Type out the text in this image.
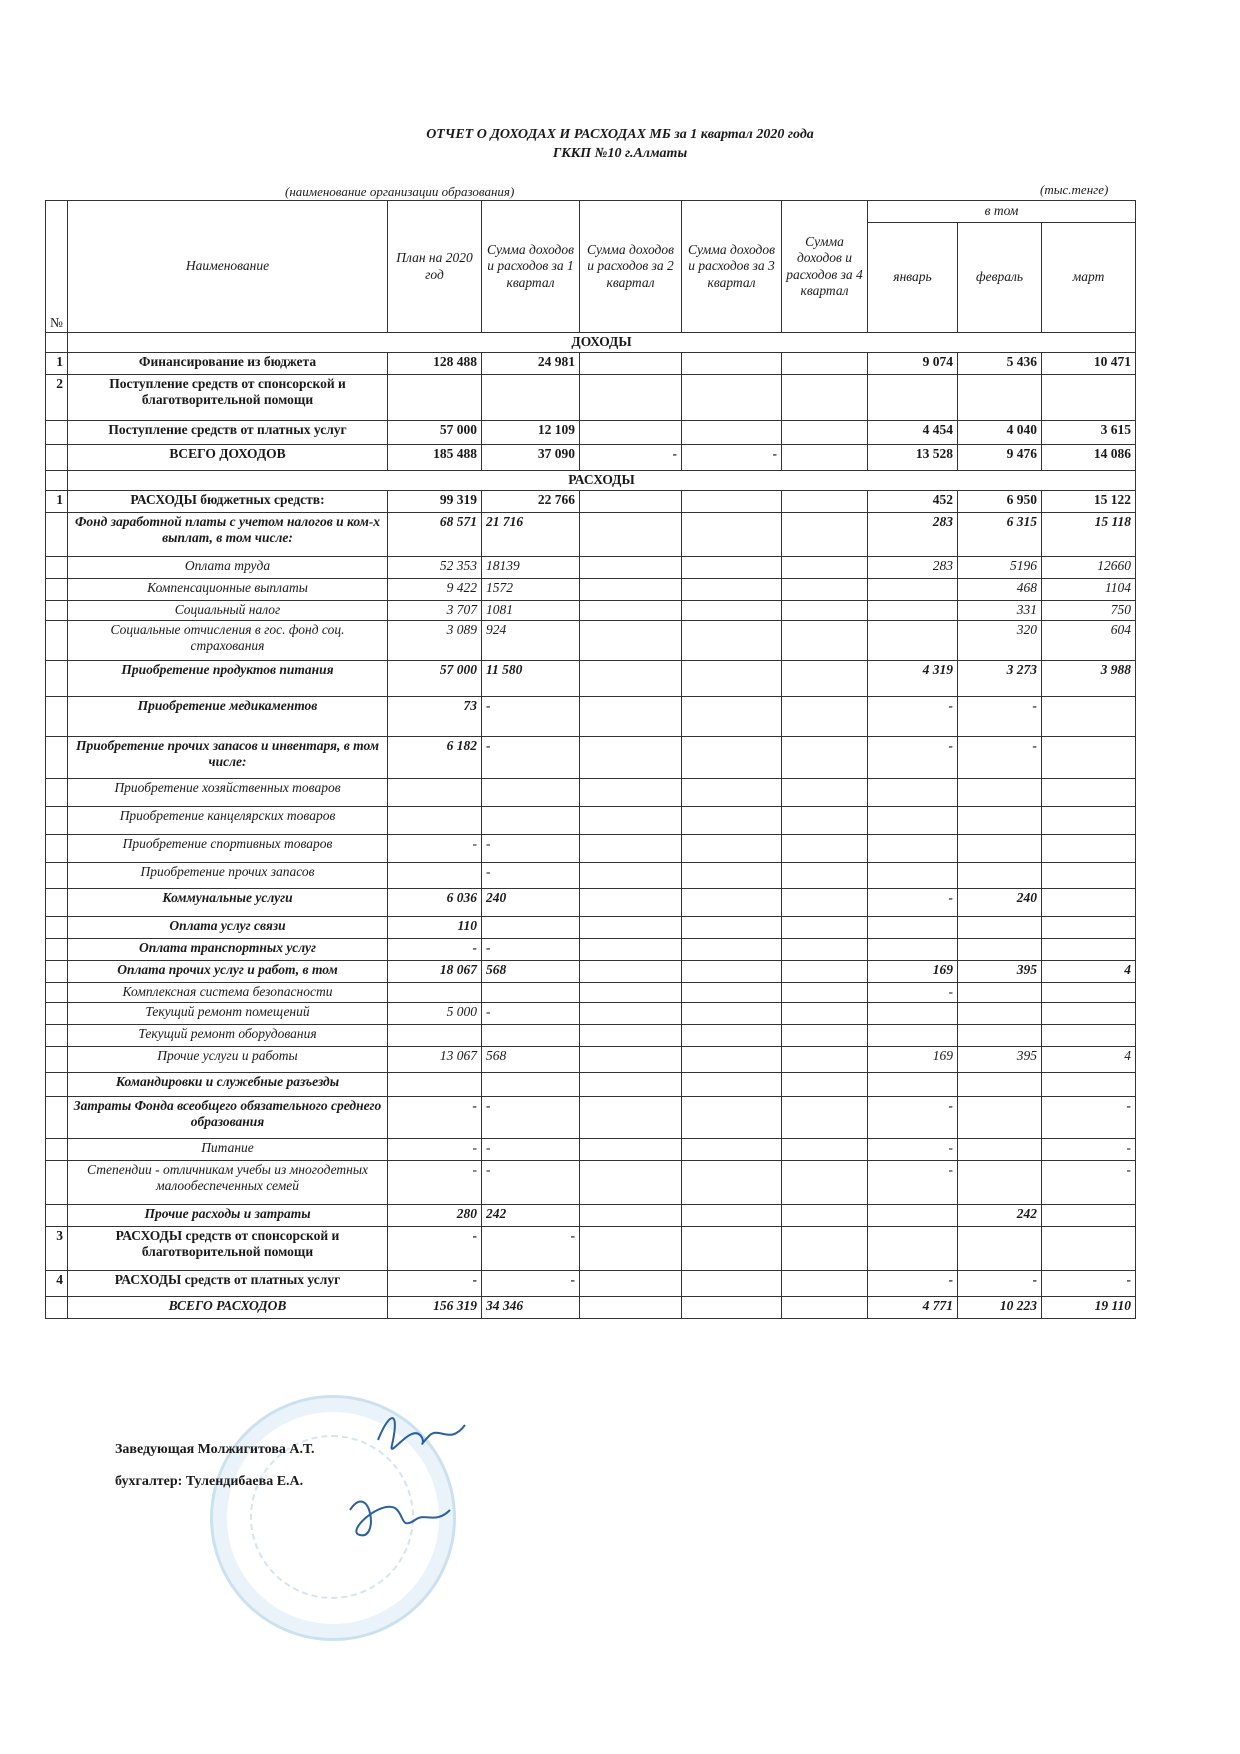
ОТЧЕТ О ДОХОДАХ И РАСХОДАХ МБ за 1 квартал 2020 года
ГККП №10 г.Алматы
(наименование организации образования)	(тыс.тенге)
№	Наименование	План на 2020 год	Сумма доходов и расходов за 1 квартал	Сумма доходов и расходов за 2 квартал	Сумма доходов и расходов за 3 квартал	Сумма доходов и расходов за 4 квартал	в том		
							январь	февраль	март
	ДОХОДЫ								
1	Финансирование из бюджета	128 488	24 981				9 074	5 436	10 471
2	Поступление средств от спонсорской и благотворительной помощи								
	Поступление средств от платных услуг	57 000	12 109				4 454	4 040	3 615
	ВСЕГО ДОХОДОВ	185 488	37 090	-	-		13 528	9 476	14 086
	РАСХОДЫ								
1	РАСХОДЫ бюджетных средств:	99 319	22 766				452	6 950	15 122
	Фонд заработной платы с учетом налогов и ком-х выплат, в том числе:	68 571	21 716				283	6 315	15 118
	Оплата труда	52 353	18139				283	5196	12660
	Компенсационные выплаты	9 422	1572					468	1104
	Социальный налог	3 707	1081					331	750
	Социальные отчисления в гос. фонд соц. страхования	3 089	924					320	604
	Приобретение продуктов питания	57 000	11 580				4 319	3 273	3 988
	Приобретение медикаментов	73	-				-	-	
	Приобретение прочих запасов и инвентаря, в том числе:	6 182	-				-	-	
	Приобретение хозяйственных товаров								
	Приобретение канцелярских товаров								
	Приобретение спортивных товаров	-	-						
	Приобретение прочих запасов		-						
	Коммунальные услуги	6 036	240				-	240	
	Оплата услуг связи	110							
	Оплата транспортных услуг	-	-						
	Оплата прочих услуг и работ, в том	18 067	568				169	395	4
	Комплексная система безопасности						-		
	Текущий ремонт помещений	5 000	-						
	Текущий ремонт оборудования								
	Прочие услуги и работы	13 067	568				169	395	4
	Командировки и служебные разъезды								
	Затраты Фонда всеобщего обязательного среднего образования	-	-				-		-
	Питание	-	-				-		-
	Степендии - отличникам учебы из многодетных малообеспеченных семей	-	-				-		-
	Прочие расходы и затраты	280	242					242	
3	РАСХОДЫ средств от спонсорской и благотворительной помощи	-	-						
4	РАСХОДЫ средств от платных услуг	-	-				-	-	-
	ВСЕГО РАСХОДОВ	156 319	34 346				4 771	10 223	19 110
Заведующая Молжигитова А.Т.
бухгалтер: Тулендибаева Е.А.
